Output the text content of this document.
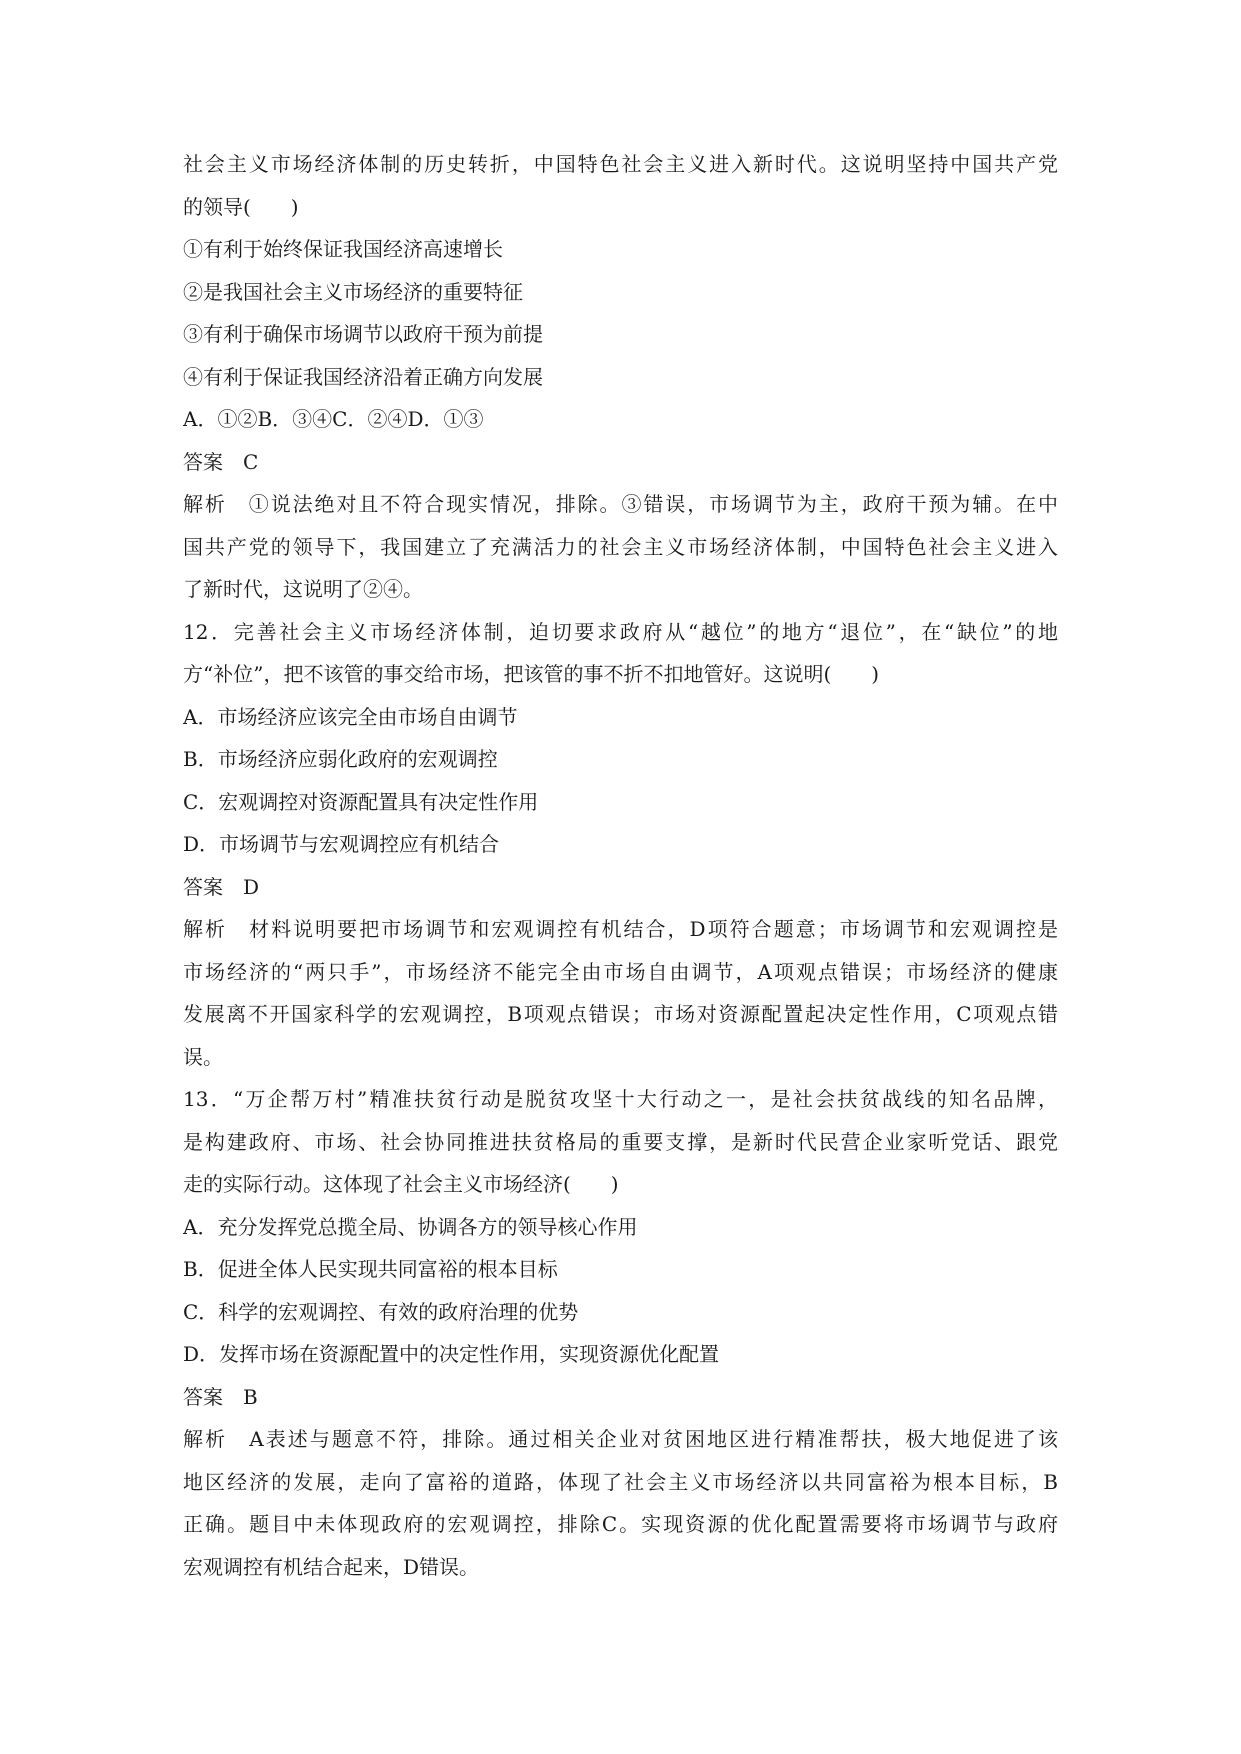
社会主义市场经济体制的历史转折，中国特色社会主义进入新时代。这说明坚持中国共产党
的领导(　　)
①有利于始终保证我国经济高速增长
②是我国社会主义市场经济的重要特征
③有利于确保市场调节以政府干预为前提
④有利于保证我国经济沿着正确方向发展
A．①②B．③④C．②④D．①③
答案　C
解析　①说法绝对且不符合现实情况，排除。③错误，市场调节为主，政府干预为辅。在中
国共产党的领导下，我国建立了充满活力的社会主义市场经济体制，中国特色社会主义进入
了新时代，这说明了②④。
12．完善社会主义市场经济体制，迫切要求政府从“越位”的地方“退位”，在“缺位”的地
方“补位”，把不该管的事交给市场，把该管的事不折不扣地管好。这说明(　　)
A．市场经济应该完全由市场自由调节
B．市场经济应弱化政府的宏观调控
C．宏观调控对资源配置具有决定性作用
D．市场调节与宏观调控应有机结合
答案　D
解析　材料说明要把市场调节和宏观调控有机结合，D项符合题意；市场调节和宏观调控是
市场经济的“两只手”，市场经济不能完全由市场自由调节，A项观点错误；市场经济的健康
发展离不开国家科学的宏观调控，B项观点错误；市场对资源配置起决定性作用，C项观点错
误。
13．“万企帮万村”精准扶贫行动是脱贫攻坚十大行动之一，是社会扶贫战线的知名品牌，
是构建政府、市场、社会协同推进扶贫格局的重要支撑，是新时代民营企业家听党话、跟党
走的实际行动。这体现了社会主义市场经济(　　)
A．充分发挥党总揽全局、协调各方的领导核心作用
B．促进全体人民实现共同富裕的根本目标
C．科学的宏观调控、有效的政府治理的优势
D．发挥市场在资源配置中的决定性作用，实现资源优化配置
答案　B
解析　A表述与题意不符，排除。通过相关企业对贫困地区进行精准帮扶，极大地促进了该
地区经济的发展，走向了富裕的道路，体现了社会主义市场经济以共同富裕为根本目标，B
正确。题目中未体现政府的宏观调控，排除C。实现资源的优化配置需要将市场调节与政府
宏观调控有机结合起来，D错误。
